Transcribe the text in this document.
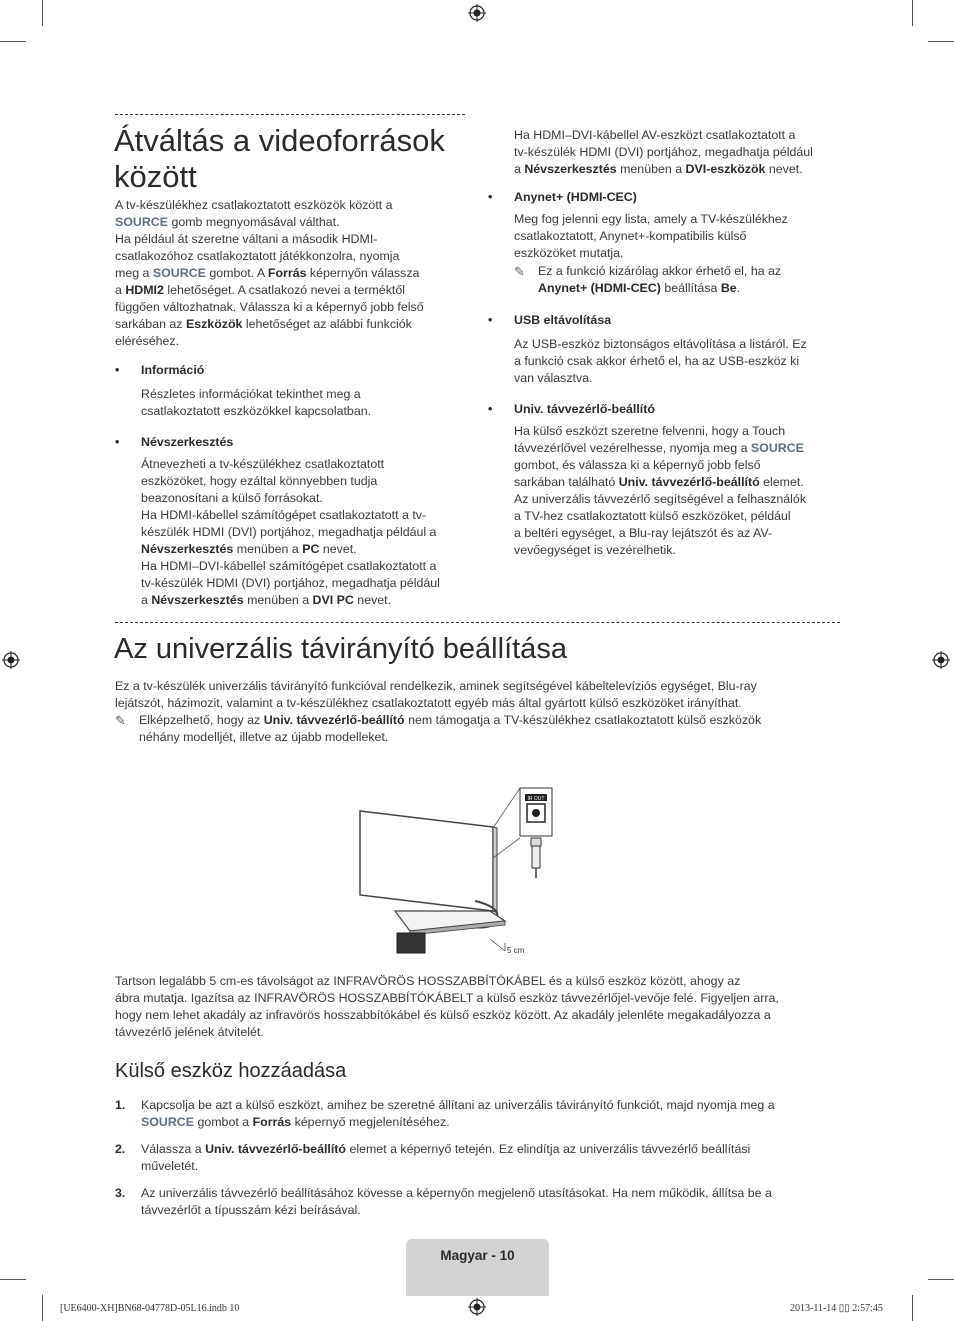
Átváltás a videoforrások
között

A tv-készülékhez csatlakoztatott eszközök között a
SOURCE gomb megnyomásával válthat.

Ha például át szeretne váltani a második HDMI-
csatlakozóhoz csatlakoztatott játékkonzolra, nyomja
meg a SOURCE gombot. A Forrás képernyőn válassza
a HDMI2 lehetőséget. A csatlakozó nevei a terméktől
függően változhatnak. Válassza ki a képernyő jobb felső
sarkában az Eszközök lehetőséget az alábbi funkciók
eléréséhez.

• Információ

Részletes információkat tekinthet meg a
csatlakoztatott eszközökkel kapcsolatban.

• Névszerkesztés

Átnevezheti a tv-készülékhez csatlakoztatott
eszközöket, hogy ezáltal könnyebben tudja
beazonosítani a külső forrásokat.
Ha HDMI-kábellel számítógépet csatlakoztatott a tv-
készülék HDMI (DVI) portjához, megadhatja például a
Névszerkesztés menüben a PC nevet.
Ha HDMI–DVI-kábellel számítógépet csatlakoztatott a
tv-készülék HDMI (DVI) portjához, megadhatja például
a Névszerkesztés menüben a DVI PC nevet.

Ha HDMI–DVI-kábellel AV-eszközt csatlakoztatott a
tv-készülék HDMI (DVI) portjához, megadhatja például
a Névszerkesztés menüben a DVI-eszközök nevet.

• Anynet+ (HDMI-CEC)

Meg fog jelenni egy lista, amely a TV-készülékhez
csatlakoztatott, Anynet+-kompatibilis külső
eszközöket mutatja.

✎ Ez a funkció kizárólag akkor érhető el, ha az
Anynet+ (HDMI-CEC) beállítása Be.

• USB eltávolítása

Az USB-eszköz biztonságos eltávolítása a listáról. Ez
a funkció csak akkor érhető el, ha az USB-eszköz ki
van választva.

• Univ. távvezérlő-beállító

Ha külső eszközt szeretne felvenni, hogy a Touch
távvezérlővel vezérelhesse, nyomja meg a SOURCE
gombot, és válassza ki a képernyő jobb felső
sarkában található Univ. távvezérlő-beállító elemet.
Az univerzális távvezérlő segítségével a felhasználók
a TV-hez csatlakoztatott külső eszközöket, például
a beltéri egységet, a Blu-ray lejátszót és az AV-
vevőegységet is vezérelhetik.

Az univerzális távirányító beállítása

Ez a tv-készülék univerzális távirányító funkcióval rendelkezik, aminek segítségével kábeltelevíziós egységet, Blu-ray
lejátszót, házimozit, valamint a tv-készülékhez csatlakoztatott egyéb más által gyártott külső eszközöket irányíthat.

✎ Elképzelhető, hogy az Univ. távvezérlő-beállító nem támogatja a TV-készülékhez csatlakoztatott külső eszközök
néhány modelljét, illetve az újabb modelleket.

IR OUT
5 cm

Tartson legalább 5 cm-es távolságot az INFRAVÖRÖS HOSSZABBÍTÓKÁBEL és a külső eszköz között, ahogy az
ábra mutatja. Igazítsa az INFRAVÖRÖS HOSSZABBÍTÓKÁBELT a külső eszköz távvezérlőjel-vevője felé. Figyeljen arra,
hogy nem lehet akadály az infravörös hosszabbítókábel és külső eszköz között. Az akadály jelenléte megakadályozza a
távvezérlő jelének átvitelét.

Külső eszköz hozzáadása

1. Kapcsolja be azt a külső eszközt, amihez be szeretné állítani az univerzális távirányító funkciót, majd nyomja meg a
SOURCE gombot a Forrás képernyő megjelenítéséhez.

2. Válassza a Univ. távvezérlő-beállító elemet a képernyő tetején. Ez elindítja az univerzális távvezérlő beállítási
műveletét.

3. Az univerzális távvezérlő beállításához kövesse a képernyőn megjelenő utasításokat. Ha nem működik, állítsa be a
távvezérlőt a típusszám kézi beírásával.

Magyar - 10
[UE6400-XH]BN68-04778D-05L16.indb 10	2013-11-14 ▯▯ 2:57:45
